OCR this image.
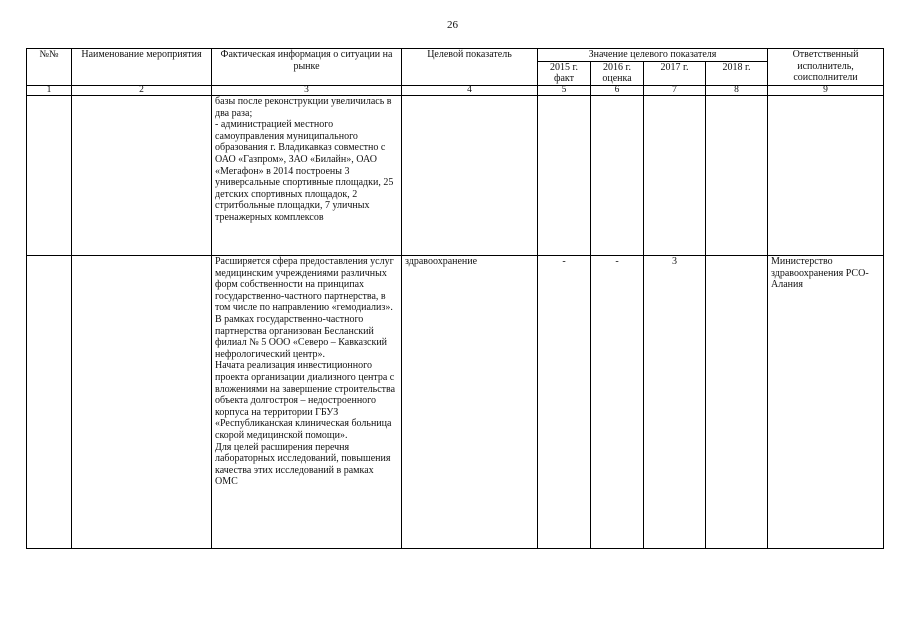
26
№№	Наименование мероприятия	Фактическая информация о ситуации на рынке	Целевой показатель	Значение целевого показателя				Ответственный исполнитель, соисполнители
				2015 г. факт	2016 г. оценка	2017 г.	2018 г.	
1	2	3	4	5	6	7	8	9
		базы после реконструкции увеличилась в два раза;
- администрацией местного самоуправления муниципального образования г. Владикавказ совместно с ОАО «Газпром», ЗАО «Билайн», ОАО «Мегафон» в 2014 построены 3 универсальные спортивные площадки, 25 детских спортивных площадок, 2 стритбольные площадки, 7 уличных тренажерных комплексов						
		Расширяется сфера предоставления услуг медицинским учреждениями различных форм собственности на принципах государственно-частного партнерства, в том числе по направлению «гемодиализ».
В рамках государственно-частного партнерства организован Бесланский филиал № 5 ООО «Северо – Кавказский нефрологический центр».
Начата реализация инвестиционного проекта организации диализного центра с вложениями на завершение строительства объекта долгостроя – недостроенного корпуса на территории ГБУЗ «Республиканская клиническая больница скорой медицинской помощи».
Для целей расширения перечня лабораторных исследований, повышения качества этих исследований в рамках ОМС	здравоохранение	-	-	3		Министерство здравоохранения РСО-Алания
